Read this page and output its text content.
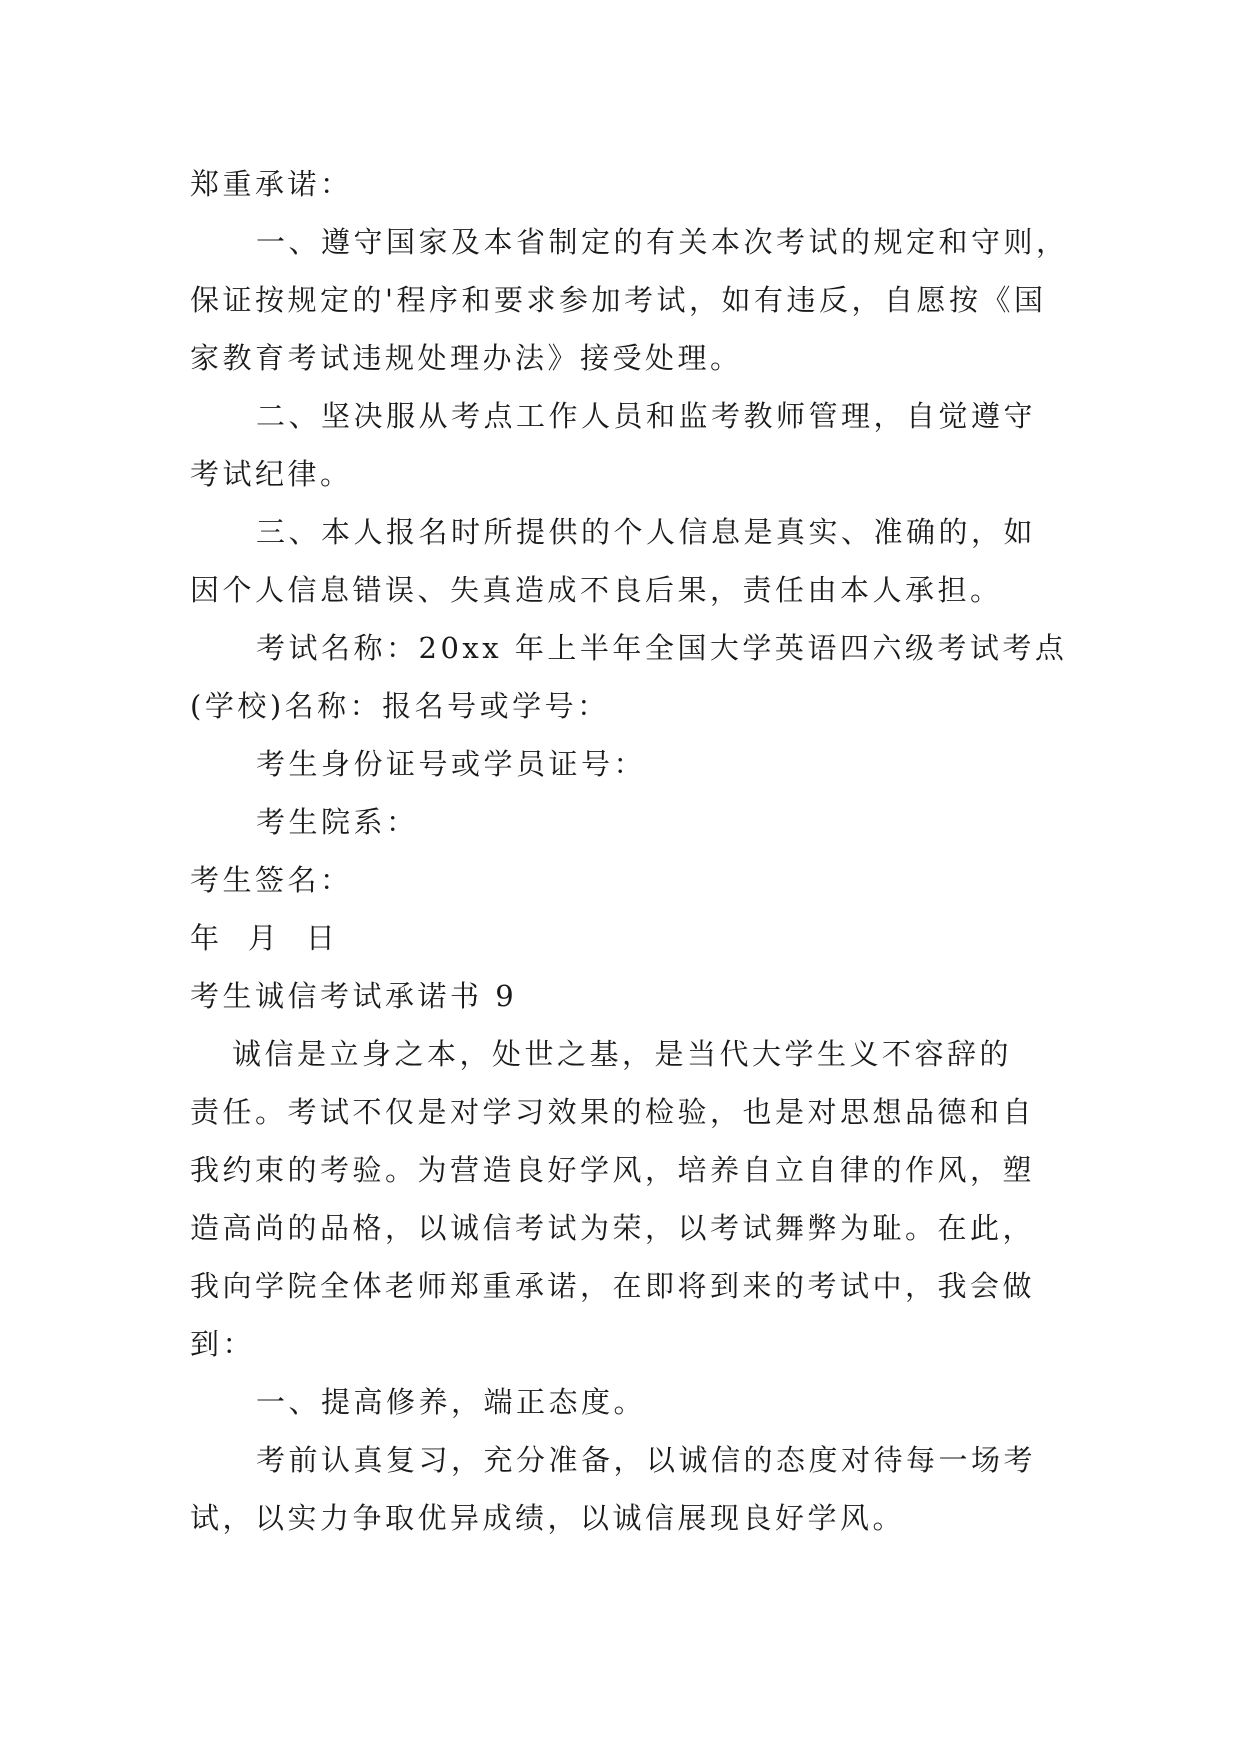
郑重承诺：
一、遵守国家及本省制定的有关本次考试的规定和守则，
保证按规定的'程序和要求参加考试，如有违反，自愿按《国
家教育考试违规处理办法》接受处理。
二、坚决服从考点工作人员和监考教师管理，自觉遵守
考试纪律。
三、本人报名时所提供的个人信息是真实、准确的，如
因个人信息错误、失真造成不良后果，责任由本人承担。
考试名称：20xx 年上半年全国大学英语四六级考试考点
(学校)名称：报名号或学号：
考生身份证号或学员证号：
考生院系：
考生签名：
年  月  日
考生诚信考试承诺书 9
诚信是立身之本，处世之基，是当代大学生义不容辞的
责任。考试不仅是对学习效果的检验，也是对思想品德和自
我约束的考验。为营造良好学风，培养自立自律的作风，塑
造高尚的品格，以诚信考试为荣，以考试舞弊为耻。在此，
我向学院全体老师郑重承诺，在即将到来的考试中，我会做
到：
一、提高修养，端正态度。
考前认真复习，充分准备，以诚信的态度对待每一场考
试，以实力争取优异成绩，以诚信展现良好学风。
